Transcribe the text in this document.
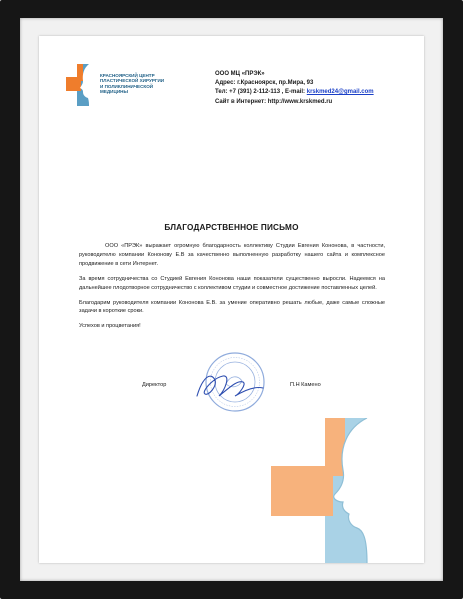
КРАСНОЯРСКИЙ ЦЕНТР
ПЛАСТИЧЕСКОЙ ХИРУРГИИ
И ПОЛИКЛИНИЧЕСКОЙ
МЕДИЦИНЫ
ООО МЦ «ПРЭК»
Адрес: г.Красноярск, пр.Мира, 93
Тел: +7 (391) 2-112-113 , E-mail: krskmed24@gmail.com
Сайт в Интернет: http://www.krskmed.ru
БЛАГОДАРСТВЕННОЕ ПИСЬМО

ООО «ПРЭК» выражает огромную благодарность коллективу Студии Евгения Кононова, в частности, руководителю компании Кононову Е.В за качественно выполненную разработку нашего сайта и комплексное продвижение в сети Интернет.

За время сотрудничества со Студией Евгения Кононова наши показатели существенно выросли. Надеемся на дальнейшее плодотворное сотрудничество с коллективом студии и совместное достижение поставленных целей.

Благодарим руководителя компании Кононова Е.В. за умение оперативно решать любые, даже самые сложные задачи в короткие сроки.

Успехов и процветания!

Директор	П.Н Камено
